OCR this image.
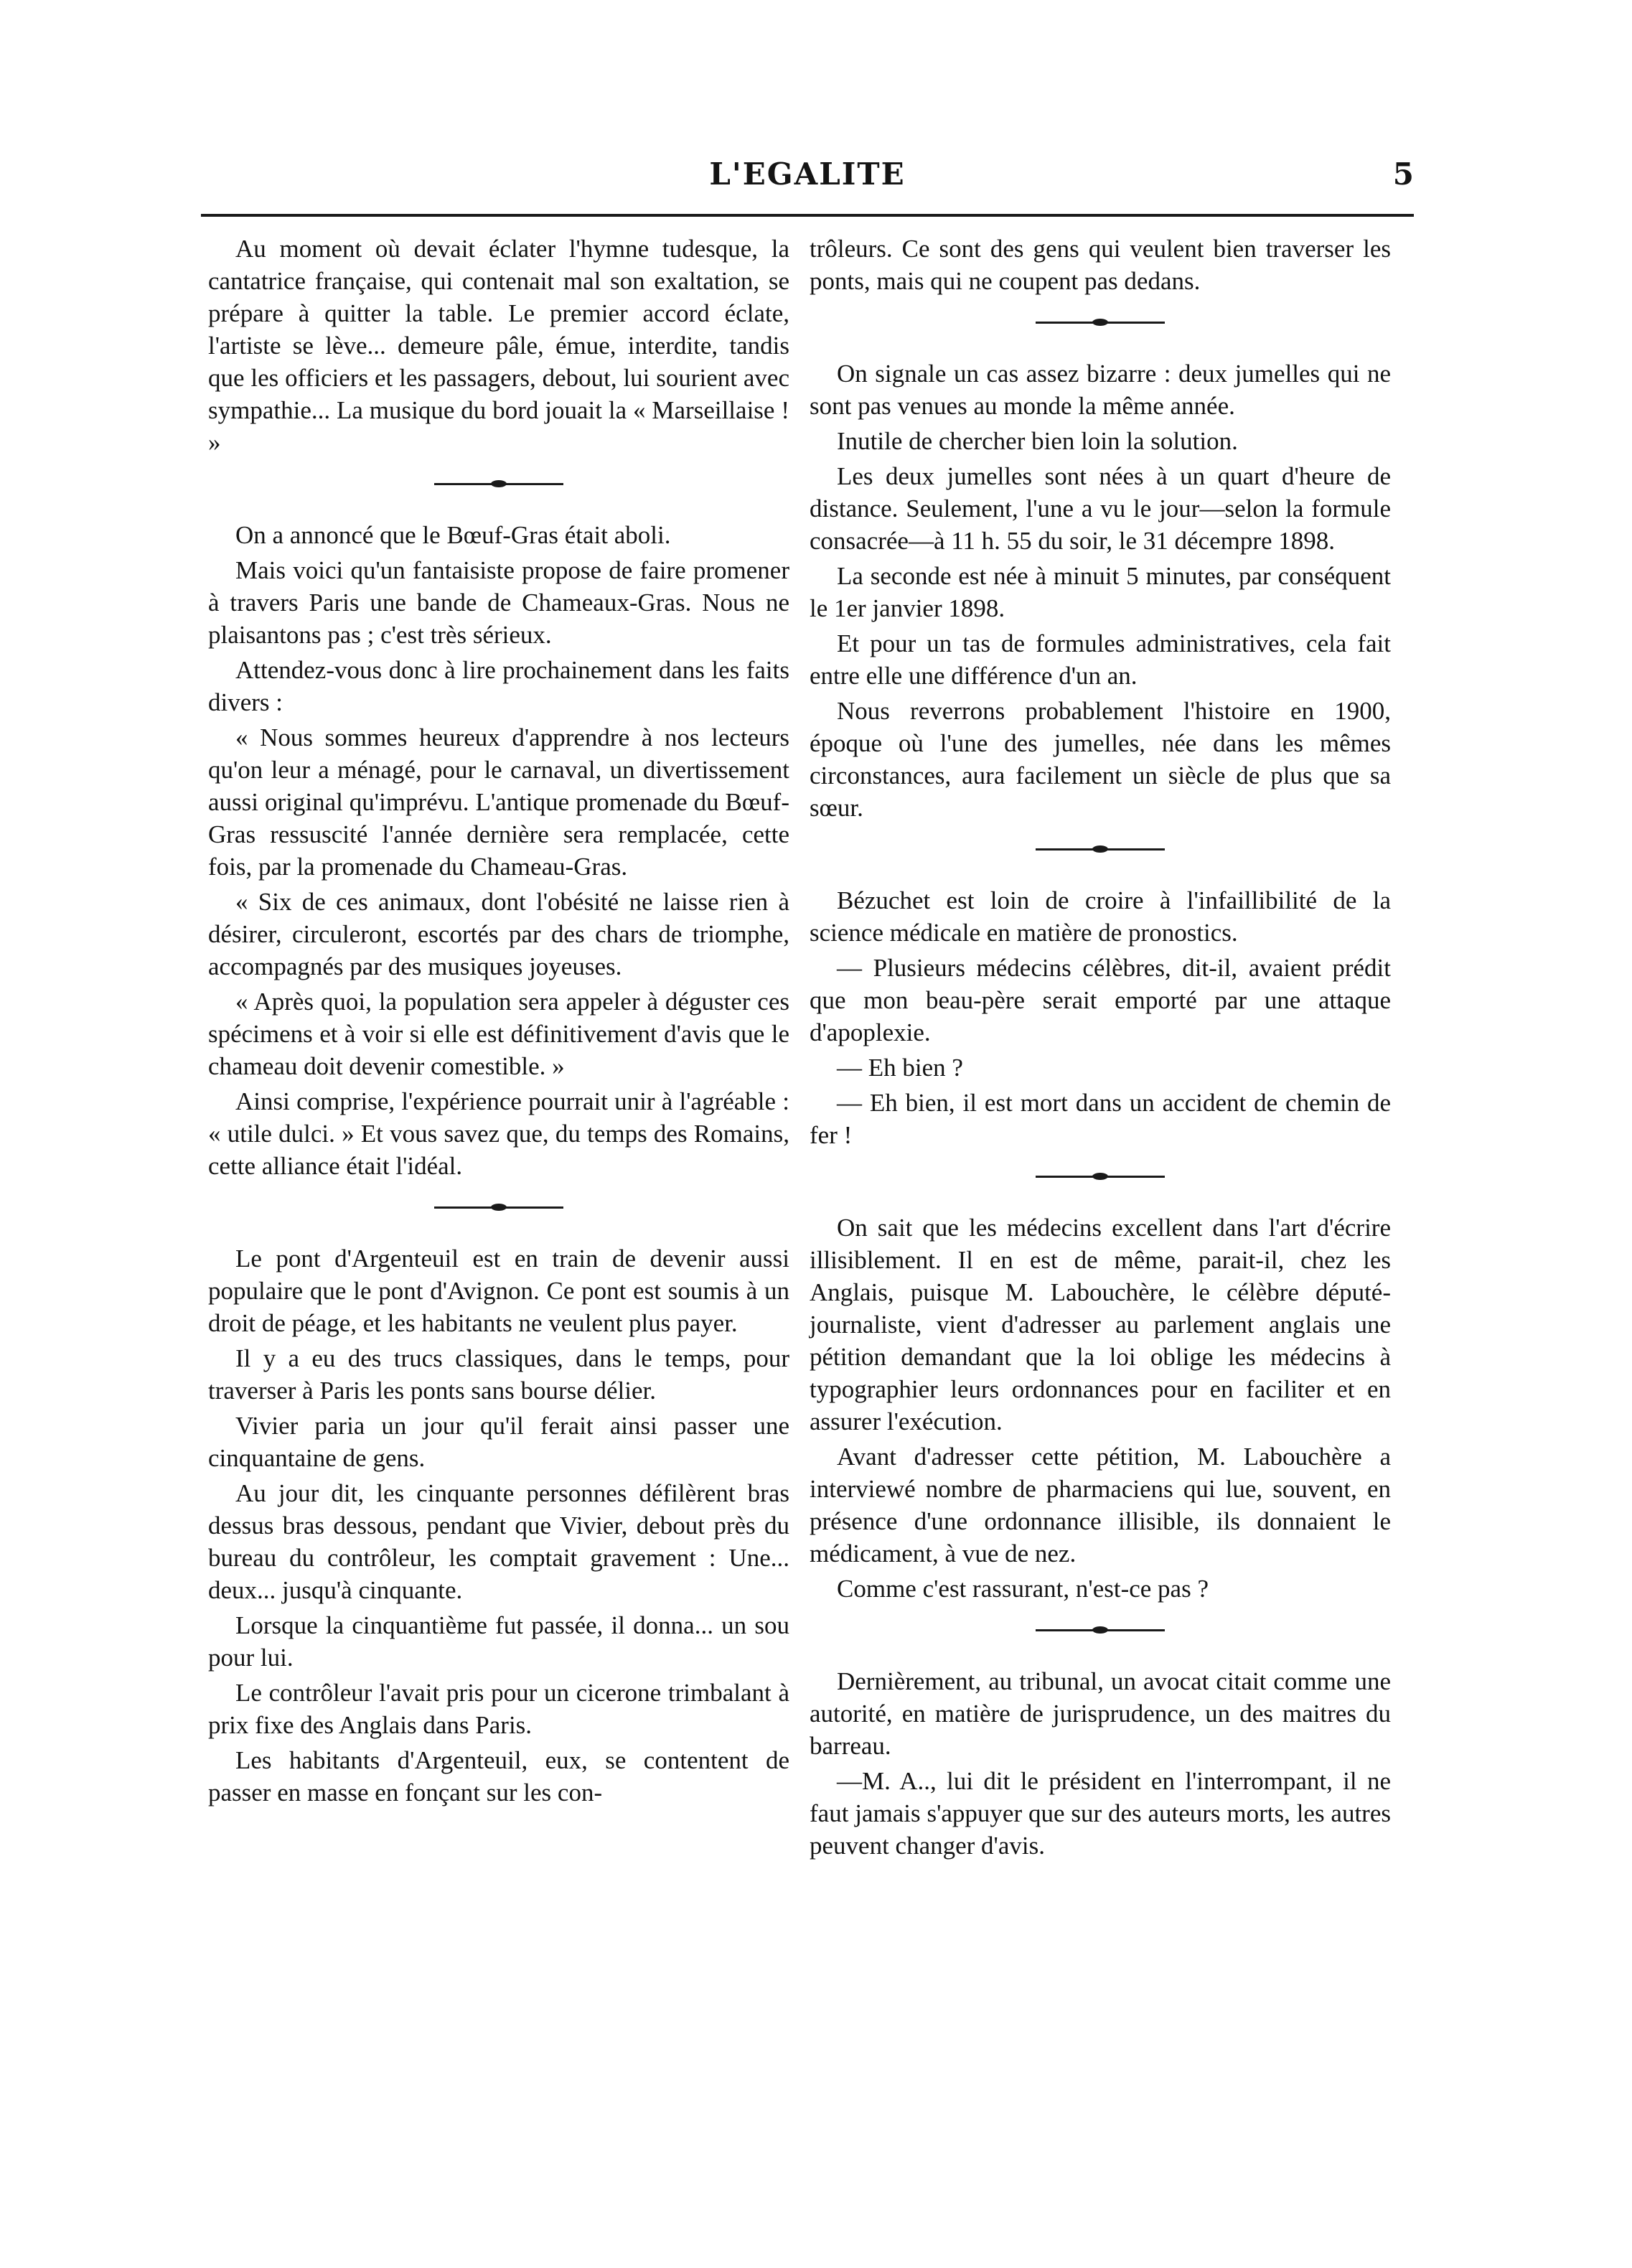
L'EGALITE	5

Au moment où devait éclater l'hymne tudesque, la cantatrice française, qui contenait mal son exaltation, se prépare à quitter la table. Le premier accord éclate, l'artiste se lève... demeure pâle, émue, interdite, tandis que les officiers et les passagers, debout, lui sourient avec sympathie... La musique du bord jouait la « Marseillaise ! »

On a annoncé que le Bœuf-Gras était aboli.

Mais voici qu'un fantaisiste propose de faire promener à travers Paris une bande de Chameaux-Gras. Nous ne plaisantons pas ; c'est très sérieux.

Attendez-vous donc à lire prochainement dans les faits divers :

« Nous sommes heureux d'apprendre à nos lecteurs qu'on leur a ménagé, pour le carnaval, un divertissement aussi original qu'imprévu. L'antique promenade du Bœuf-Gras ressuscité l'année dernière sera remplacée, cette fois, par la promenade du Chameau-Gras.

« Six de ces animaux, dont l'obésité ne laisse rien à désirer, circuleront, escortés par des chars de triomphe, accompagnés par des musiques joyeuses.

« Après quoi, la population sera appeler à déguster ces spécimens et à voir si elle est définitivement d'avis que le chameau doit devenir comestible. »

Ainsi comprise, l'expérience pourrait unir à l'agréable : « utile dulci. » Et vous savez que, du temps des Romains, cette alliance était l'idéal.

Le pont d'Argenteuil est en train de devenir aussi populaire que le pont d'Avignon. Ce pont est soumis à un droit de péage, et les habitants ne veulent plus payer.

Il y a eu des trucs classiques, dans le temps, pour traverser à Paris les ponts sans bourse délier.

Vivier paria un jour qu'il ferait ainsi passer une cinquantaine de gens.

Au jour dit, les cinquante personnes défilèrent bras dessus bras dessous, pendant que Vivier, debout près du bureau du contrôleur, les comptait gravement : Une... deux... jusqu'à cinquante.

Lorsque la cinquantième fut passée, il donna... un sou pour lui.

Le contrôleur l'avait pris pour un cicerone trimbalant à prix fixe des Anglais dans Paris.

Les habitants d'Argenteuil, eux, se contentent de passer en masse en fonçant sur les con-

trôleurs. Ce sont des gens qui veulent bien traverser les ponts, mais qui ne coupent pas dedans.

On signale un cas assez bizarre : deux jumelles qui ne sont pas venues au monde la même année.

Inutile de chercher bien loin la solution.

Les deux jumelles sont nées à un quart d'heure de distance. Seulement, l'une a vu le jour—selon la formule consacrée—à 11 h. 55 du soir, le 31 décempre 1898.

La seconde est née à minuit 5 minutes, par conséquent le 1er janvier 1898.

Et pour un tas de formules administratives, cela fait entre elle une différence d'un an.

Nous reverrons probablement l'histoire en 1900, époque où l'une des jumelles, née dans les mêmes circonstances, aura facilement un siècle de plus que sa sœur.

Bézuchet est loin de croire à l'infaillibilité de la science médicale en matière de pronostics.

— Plusieurs médecins célèbres, dit-il, avaient prédit que mon beau-père serait emporté par une attaque d'apoplexie.

— Eh bien ?

— Eh bien, il est mort dans un accident de chemin de fer !

On sait que les médecins excellent dans l'art d'écrire illisiblement. Il en est de même, parait-il, chez les Anglais, puisque M. Labouchère, le célèbre député-journaliste, vient d'adresser au parlement anglais une pétition demandant que la loi oblige les médecins à typographier leurs ordonnances pour en faciliter et en assurer l'exécution.

Avant d'adresser cette pétition, M. Labouchère a interviewé nombre de pharmaciens qui lue, souvent, en présence d'une ordonnance illisible, ils donnaient le médicament, à vue de nez.

Comme c'est rassurant, n'est-ce pas ?

Dernièrement, au tribunal, un avocat citait comme une autorité, en matière de jurisprudence, un des maitres du barreau.

—M. A.., lui dit le président en l'interrompant, il ne faut jamais s'appuyer que sur des auteurs morts, les autres peuvent changer d'avis.
